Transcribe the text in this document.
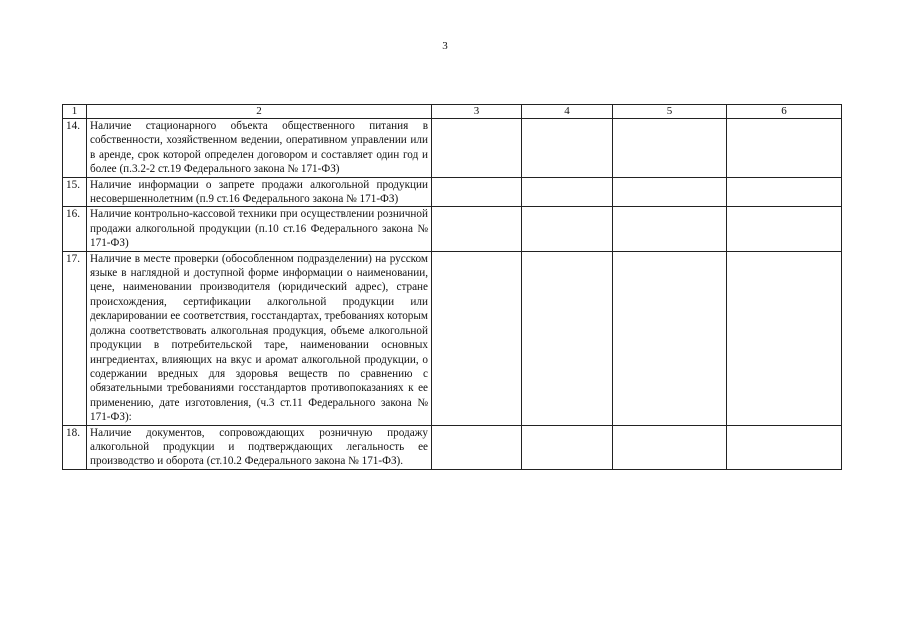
3
1	2	3	4	5	6
14.	Наличие стационарного объекта общественного питания в собственности, хозяйственном ведении, оперативном управлении или в аренде, срок которой определен договором и составляет один год и более (п.3.2-2 ст.19 Федерального закона № 171-ФЗ)				
15.	Наличие информации о запрете продажи алкогольной продукции несовершеннолетним (п.9 ст.16 Федерального закона № 171-ФЗ)				
16.	Наличие контрольно-кассовой техники при осуществлении розничной продажи алкогольной продукции (п.10 ст.16 Федерального закона № 171-ФЗ)				
17.	Наличие в месте проверки (обособленном подразделении) на русском языке в наглядной и доступной форме информации о наименовании, цене, наименовании производителя (юридический адрес), стране происхождения, сертификации алкогольной продукции или декларировании ее соответствия, госстандартах, требованиях которым должна соответствовать алкогольная продукция, объеме алкогольной продукции в потребительской таре, наименовании основных ингредиентах, влияющих на вкус и аромат алкогольной продукции, о содержании вредных для здоровья веществ по сравнению с обязательными требованиями госстандартов противопоказаниях к ее применению, дате изготовления, (ч.3 ст.11 Федерального закона № 171-ФЗ):				
18.	Наличие документов, сопровождающих розничную продажу алкогольной продукции и подтверждающих легальность ее производство и оборота (ст.10.2 Федерального закона № 171-ФЗ).				
